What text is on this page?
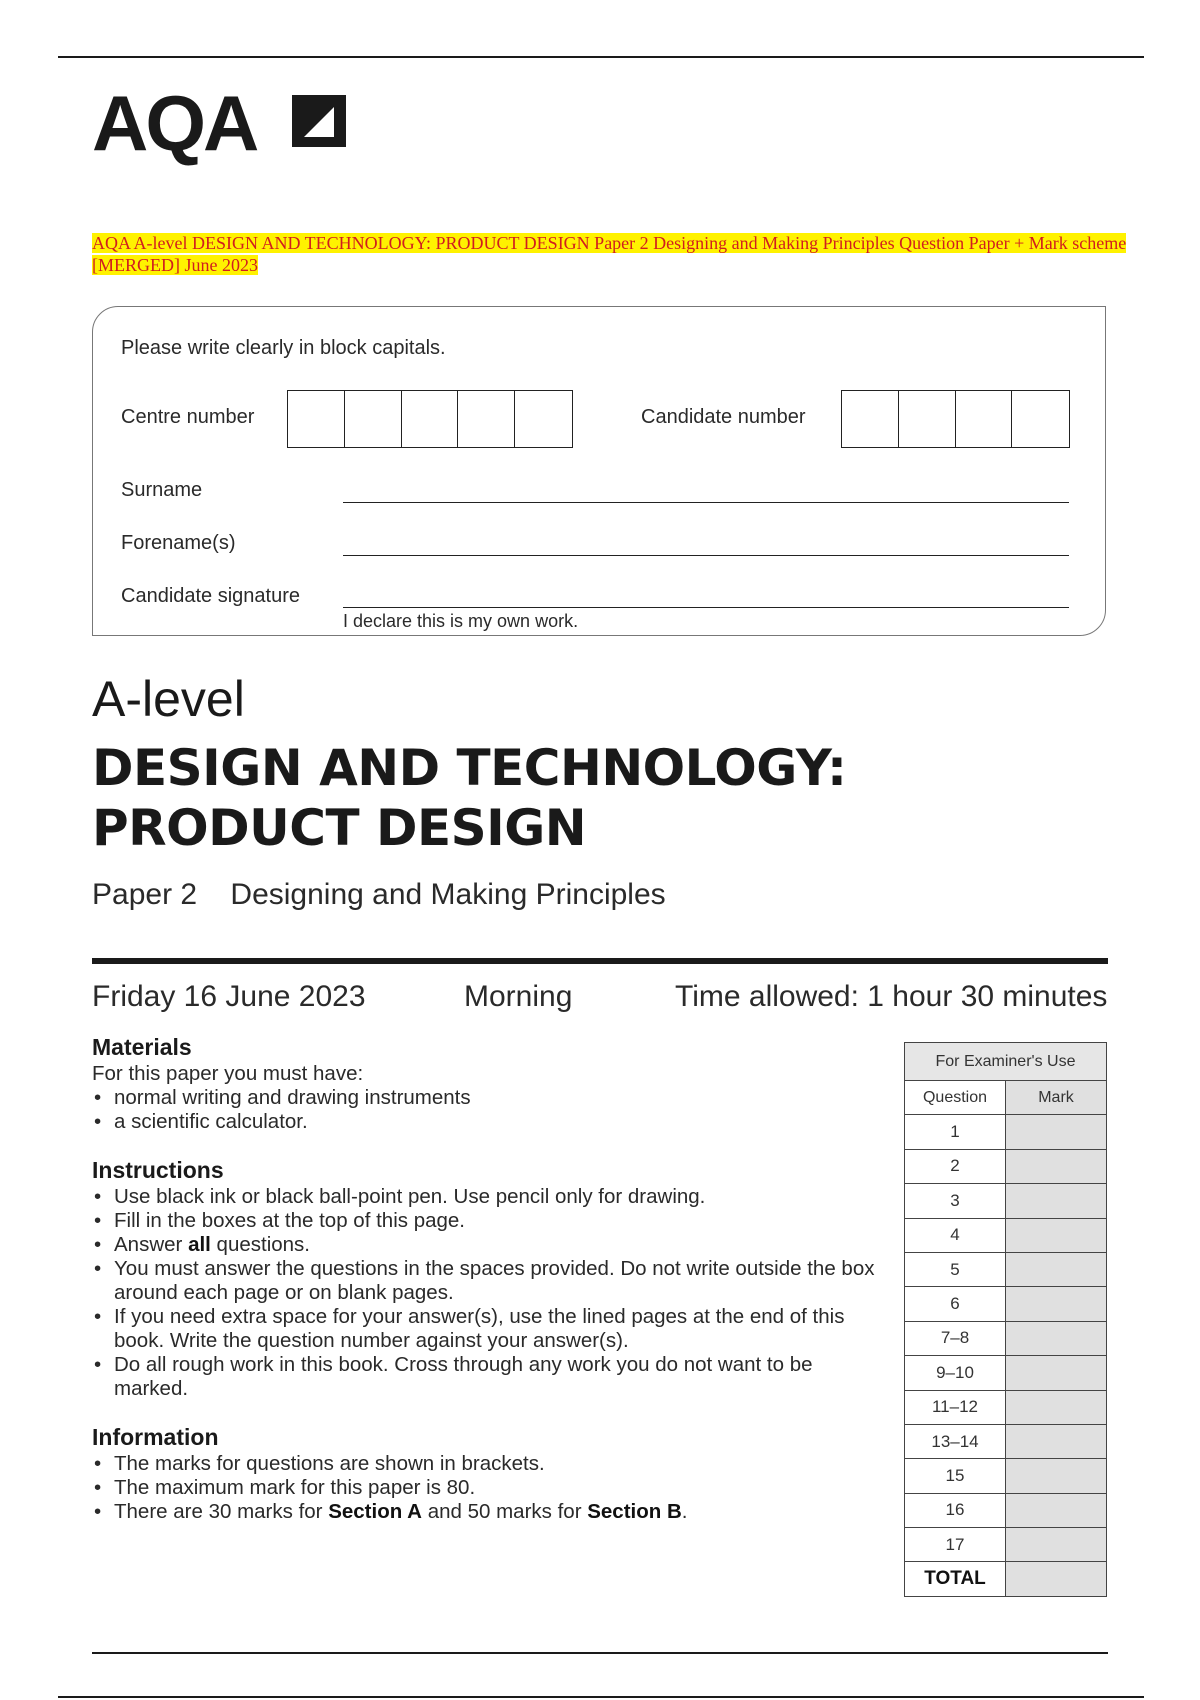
AQA
AQA A-level DESIGN AND TECHNOLOGY: PRODUCT DESIGN Paper 2 Designing and Making Principles Question Paper + Mark scheme [MERGED] June 2023
Please write clearly in block capitals.
Centre number	Candidate number
Surname
Forename(s)
Candidate signature
I declare this is my own work.
A-level
DESIGN AND TECHNOLOGY:
PRODUCT DESIGN
Paper 2    Designing and Making Principles
Friday 16 June 2023	Morning	Time allowed: 1 hour 30 minutes
Materials
For this paper you must have:
• normal writing and drawing instruments
• a scientific calculator.
Instructions
• Use black ink or black ball-point pen. Use pencil only for drawing.
• Fill in the boxes at the top of this page.
• Answer all questions.
• You must answer the questions in the spaces provided. Do not write outside the box around each page or on blank pages.
• If you need extra space for your answer(s), use the lined pages at the end of this book. Write the question number against your answer(s).
• Do all rough work in this book. Cross through any work you do not want to be marked.
Information
• The marks for questions are shown in brackets.
• The maximum mark for this paper is 80.
• There are 30 marks for Section A and 50 marks for Section B.
For Examiner's Use	
Question	Mark
1	
2	
3	
4	
5	
6	
7–8	
9–10	
11–12	
13–14	
15	
16	
17	
TOTAL	
